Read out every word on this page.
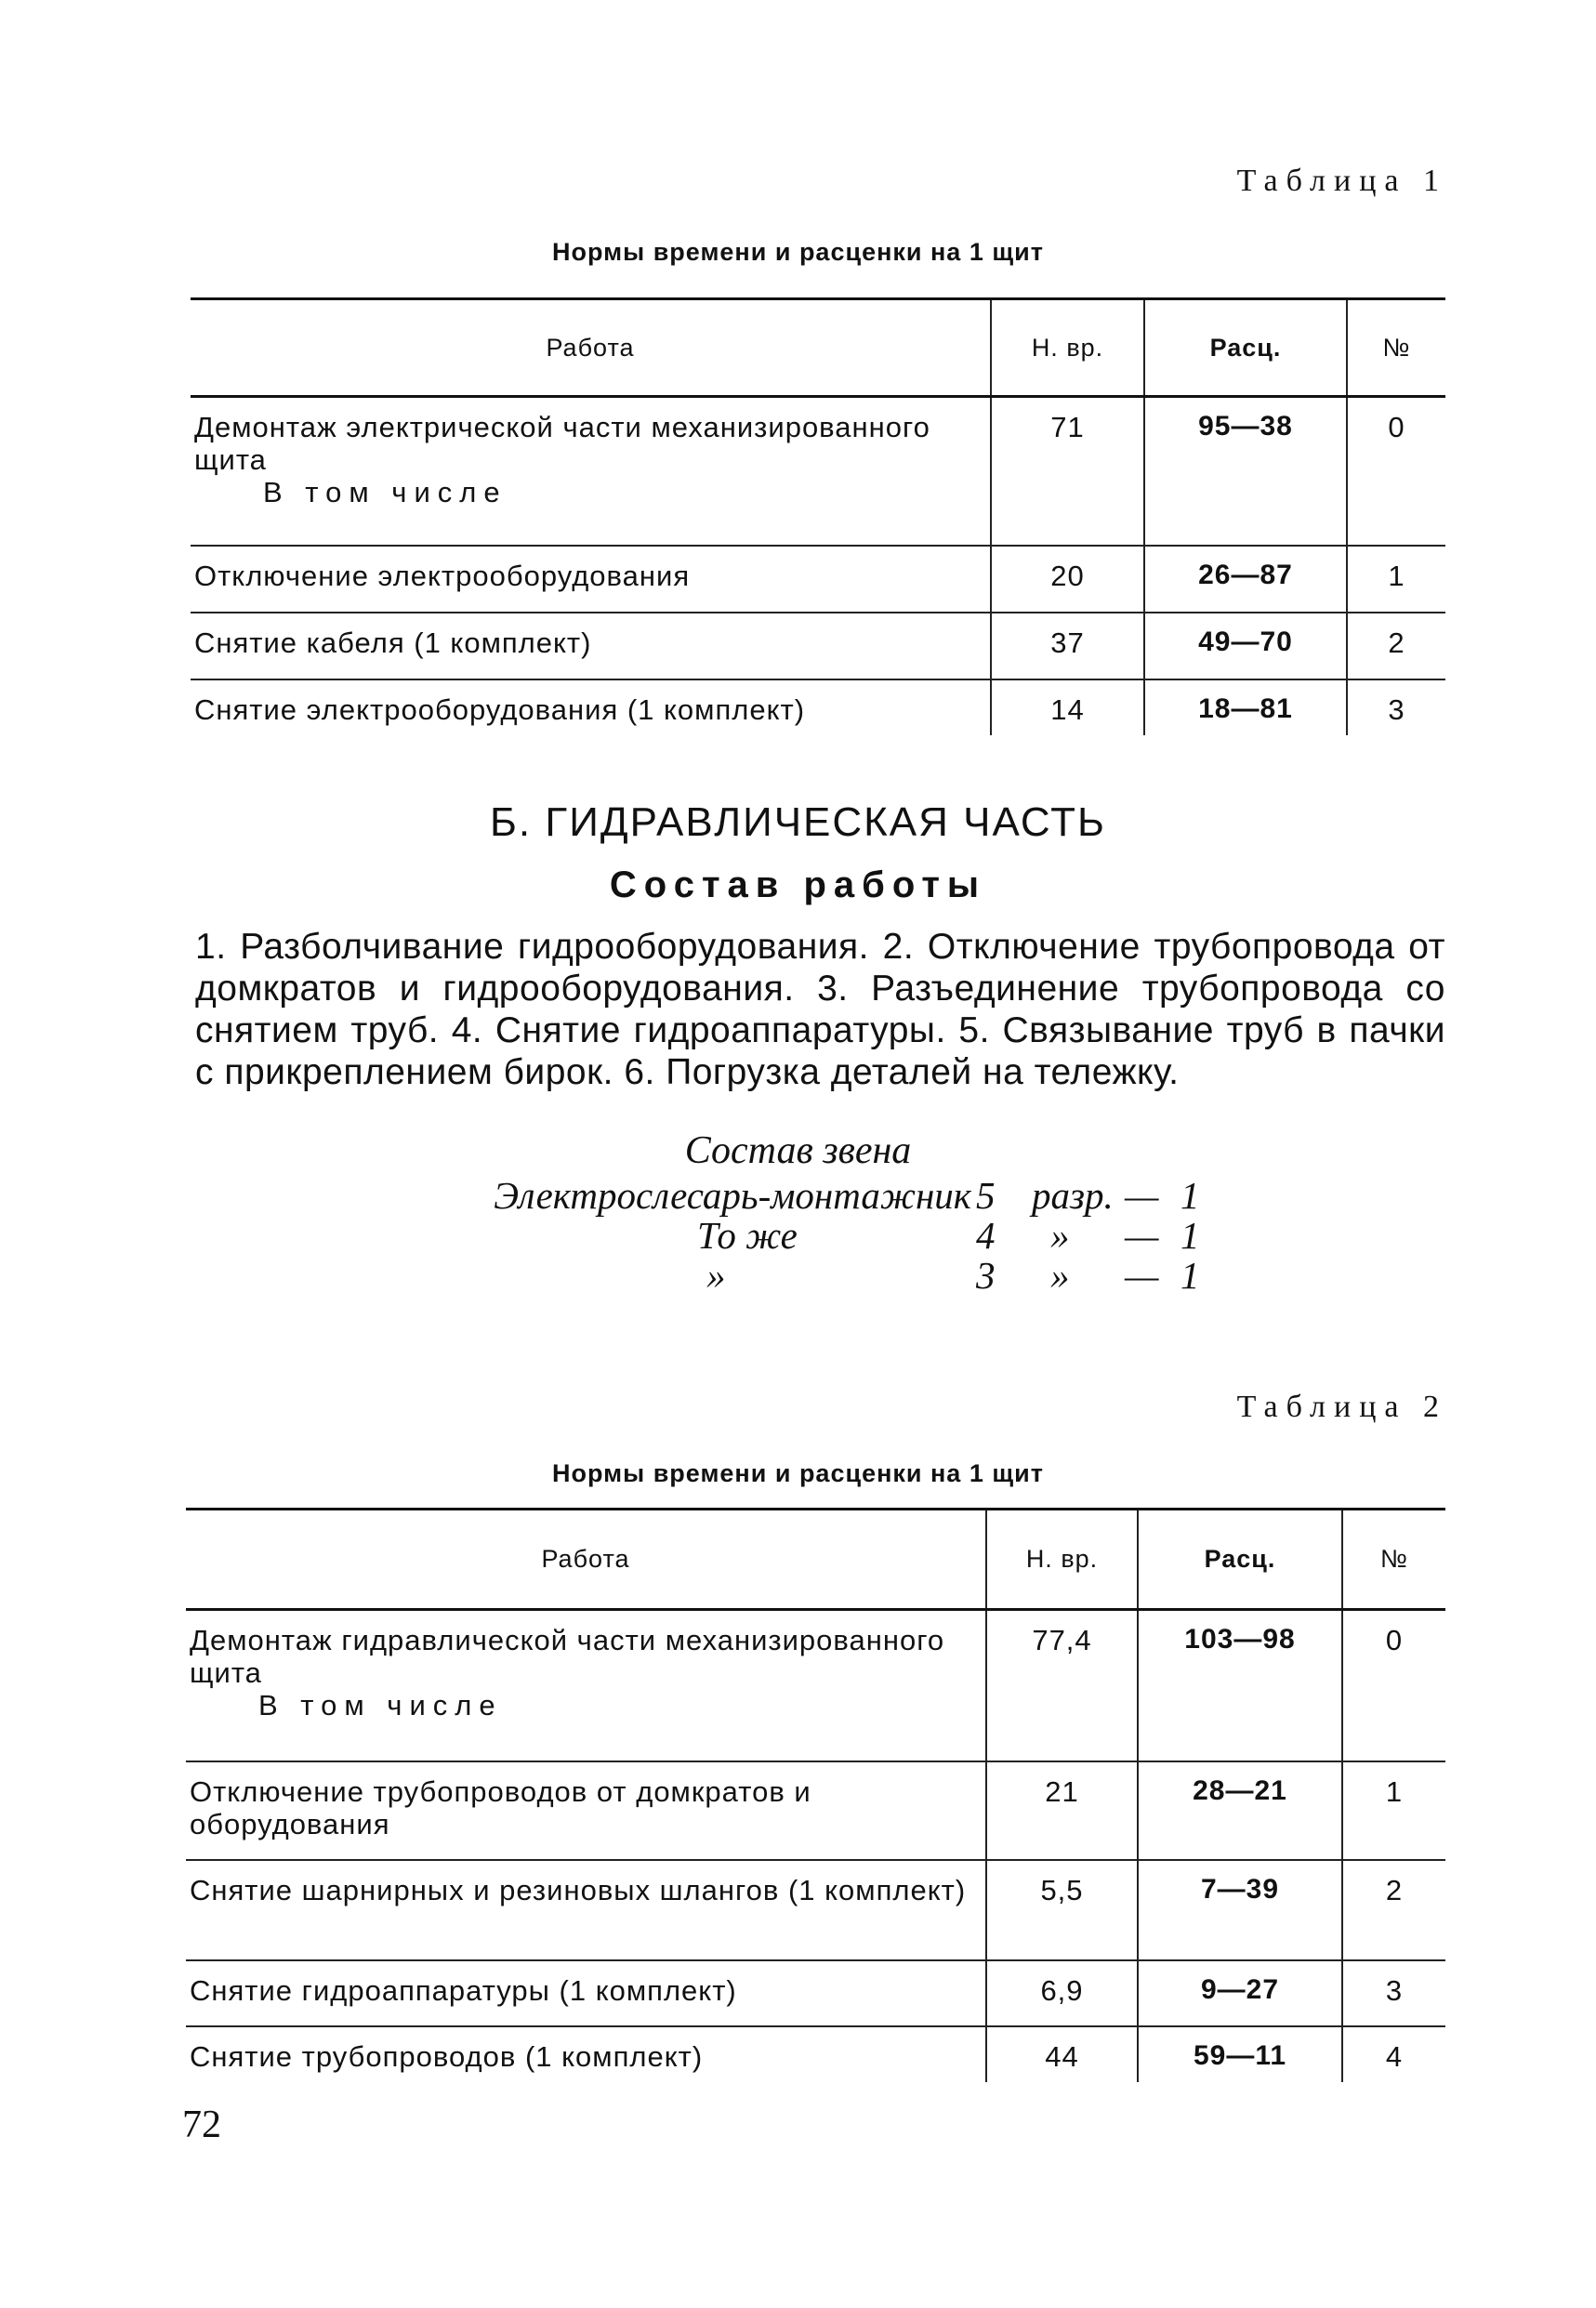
Таблица 1
Нормы времени и расценки на 1 щит
Работа	Н. вр.	Расц.	№
Демонтаж электрической части механизированного щита
В том числе	71	95—38	0
Отключение электрооборудования	20	26—87	1
Снятие кабеля (1 комплект)	37	49—70	2
Снятие электрооборудования (1 комплект)	14	18—81	3
Б. ГИДРАВЛИЧЕСКАЯ ЧАСТЬ
Состав работы

1. Разболчивание гидрооборудования. 2. Отключение трубопровода от домкратов и гидрооборудования. 3. Разъединение трубопровода со снятием труб. 4. Снятие гидроаппаратуры. 5. Связывание труб в пачки с прикреплением бирок. 6. Погрузка деталей на тележку.

Состав звена
Электрослесарь-монтажник 5 разр. — 1
То же	4 » — 1
»	3 » — 1
Таблица 2
Нормы времени и расценки на 1 щит
Работа	Н. вр.	Расц.	№
Демонтаж гидравлической части механизированного щита
В том числе	77,4	103—98	0
Отключение трубопроводов от домкратов и оборудования	21	28—21	1
Снятие шарнирных и резиновых шлангов (1 комплект)	5,5	7—39	2
Снятие гидроаппаратуры (1 комплект)	6,9	9—27	3
Снятие трубопроводов (1 комплект)	44	59—11	4
72
